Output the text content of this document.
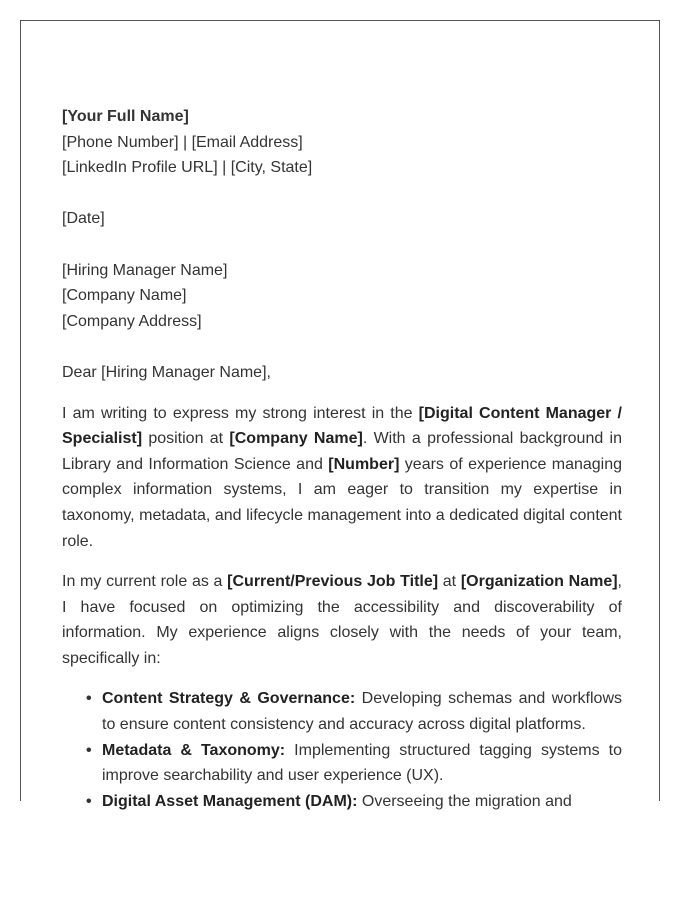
[Your Full Name]
[Phone Number] | [Email Address]
[LinkedIn Profile URL] | [City, State]
[Date]
[Hiring Manager Name]
[Company Name]
[Company Address]
Dear [Hiring Manager Name],

I am writing to express my strong interest in the [Digital Content Manager / Specialist] position at [Company Name]. With a professional background in Library and Information Science and [Number] years of experience managing complex information systems, I am eager to transition my expertise in taxonomy, metadata, and lifecycle management into a dedicated digital content role.

In my current role as a [Current/Previous Job Title] at [Organization Name], I have focused on optimizing the accessibility and discoverability of information. My experience aligns closely with the needs of your team, specifically in:

• Content Strategy & Governance: Developing schemas and workflows to ensure content consistency and accuracy across digital platforms.
• Metadata & Taxonomy: Implementing structured tagging systems to improve searchability and user experience (UX).
• Digital Asset Management (DAM): Overseeing the migration and
